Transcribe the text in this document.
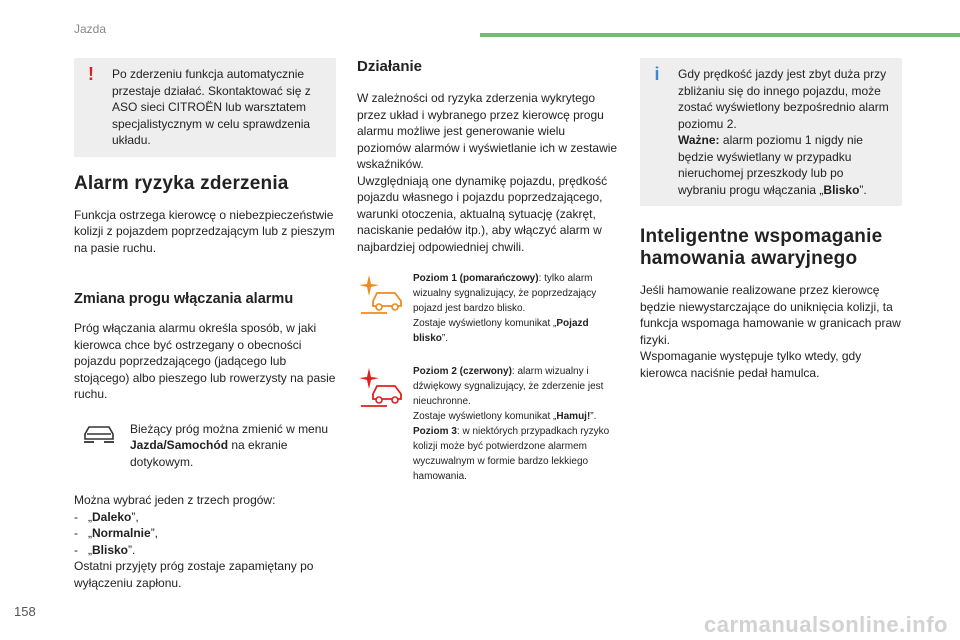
Jazda
!	Po zderzeniu funkcja automatycznie przestaje działać. Skontaktować się z ASO sieci CITROËN lub warsztatem specjalistycznym w celu sprawdzenia układu.

Alarm ryzyka zderzenia

Funkcja ostrzega kierowcę o niebezpieczeństwie kolizji z pojazdem poprzedzającym lub z pieszym na pasie ruchu.

Zmiana progu włączania alarmu

Próg włączania alarmu określa sposób, w jaki kierowca chce być ostrzegany o obecności pojazdu poprzedzającego (jadącego lub stojącego) albo pieszego lub rowerzysty na pasie ruchu.

Bieżący próg można zmienić w menu Jazda/Samochód na ekranie dotykowym.

Można wybrać jeden z trzech progów:

-   „Daleko”,
-   „Normalnie”,
-   „Blisko”.

Ostatni przyjęty próg zostaje zapamiętany po wyłączeniu zapłonu.

Działanie

W zależności od ryzyka zderzenia wykrytego przez układ i wybranego przez kierowcę progu alarmu możliwe jest generowanie wielu poziomów alarmów i wyświetlanie ich w zestawie wskaźników.

Uwzględniają one dynamikę pojazdu, prędkość pojazdu własnego i pojazdu poprzedzającego, warunki otoczenia, aktualną sytuację (zakręt, naciskanie pedałów itp.), aby włączyć alarm w najbardziej odpowiedniej chwili.

Poziom 1 (pomarańczowy): tylko alarm wizualny sygnalizujący, że poprzedzający pojazd jest bardzo blisko.
Zostaje wyświetlony komunikat „Pojazd blisko”.
Poziom 2 (czerwony): alarm wizualny i dźwiękowy sygnalizujący, że zderzenie jest nieuchronne.
Zostaje wyświetlony komunikat „Hamuj!”.
Poziom 3: w niektórych przypadkach ryzyko kolizji może być potwierdzone alarmem wyczuwalnym w formie bardzo lekkiego hamowania.
i	Gdy prędkość jazdy jest zbyt duża przy zbliżaniu się do innego pojazdu, może zostać wyświetlony bezpośrednio alarm poziomu 2.

Ważne: alarm poziomu 1 nigdy nie będzie wyświetlany w przypadku nieruchomej przeszkody lub po wybraniu progu włączania „Blisko”.

Inteligentne wspomaganie hamowania awaryjnego

Jeśli hamowanie realizowane przez kierowcę będzie niewystarczające do uniknięcia kolizji, ta funkcja wspomaga hamowanie w granicach praw fizyki.

Wspomaganie występuje tylko wtedy, gdy kierowca naciśnie pedał hamulca.

158
carmanualsonline.info
